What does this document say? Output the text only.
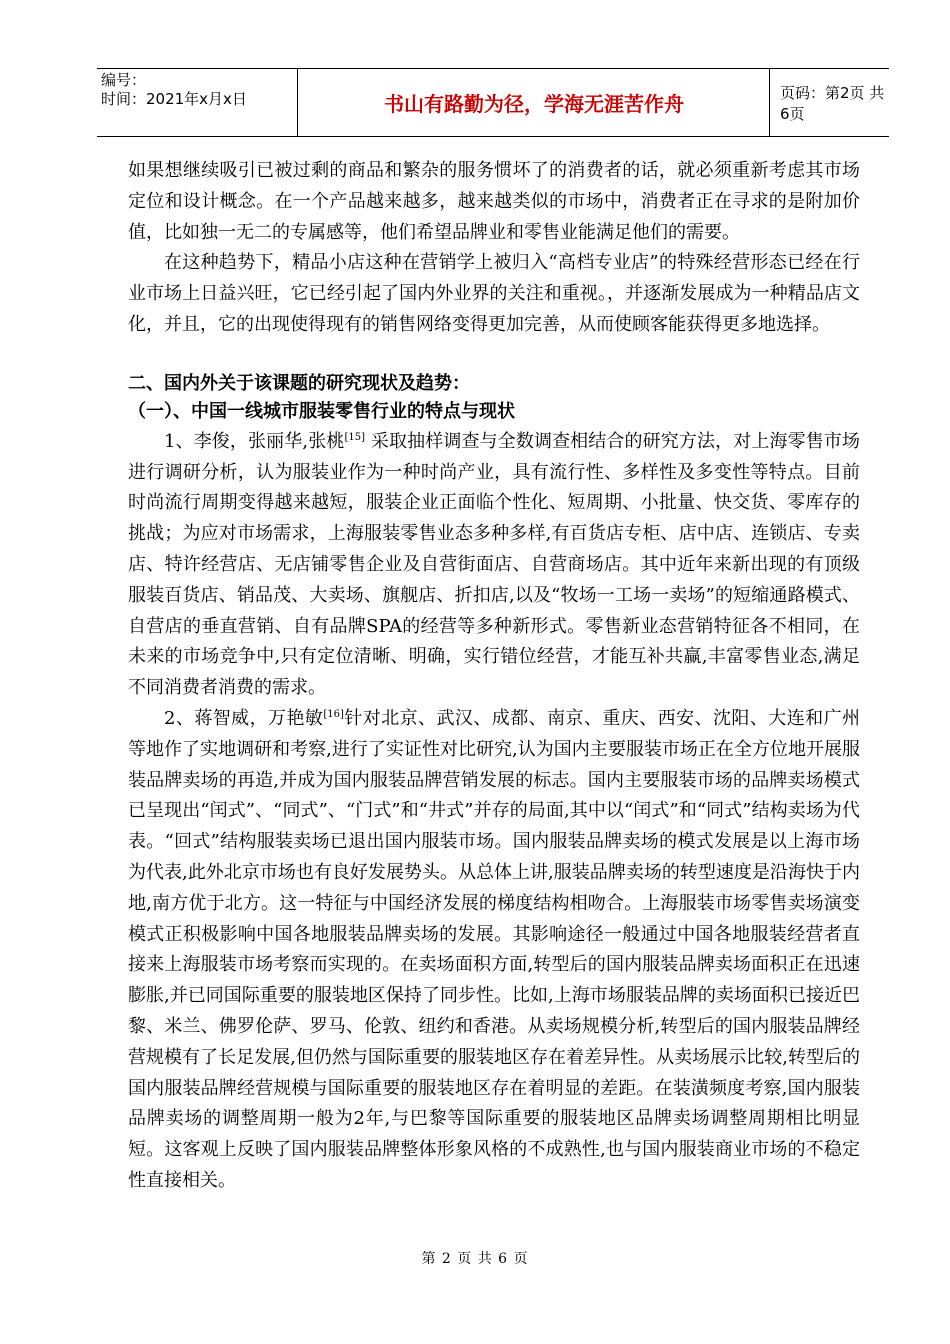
编号：
时间：2021年x月x日	书山有路勤为径，学海无涯苦作舟	页码：第2页 共6页

如果想继续吸引已被过剩的商品和繁杂的服务惯坏了的消费者的话，就必须重新考虑其市场定位和设计概念。在一个产品越来越多，越来越类似的市场中，消费者正在寻求的是附加价值，比如独一无二的专属感等，他们希望品牌业和零售业能满足他们的需要。

在这种趋势下，精品小店这种在营销学上被归入“高档专业店”的特殊经营形态已经在行业市场上日益兴旺，它已经引起了国内外业界的关注和重视。，并逐渐发展成为一种精品店文化，并且，它的出现使得现有的销售网络变得更加完善，从而使顾客能获得更多地选择。

二、国内外关于该课题的研究现状及趋势：
（一）、中国一线城市服装零售行业的特点与现状

1、李俊，张丽华,张桃[15] 采取抽样调查与全数调查相结合的研究方法，对上海零售市场进行调研分析，认为服装业作为一种时尚产业，具有流行性、多样性及多变性等特点。目前时尚流行周期变得越来越短，服装企业正面临个性化、短周期、小批量、快交货、零库存的挑战；为应对市场需求，上海服装零售业态多种多样,有百货店专柜、店中店、连锁店、专卖店、特许经营店、无店铺零售企业及自营街面店、自营商场店。其中近年来新出现的有顶级服装百货店、销品茂、大卖场、旗舰店、折扣店,以及“牧场一工场一卖场”的短缩通路模式、自营店的垂直营销、自有品牌SPA的经营等多种新形式。零售新业态营销特征各不相同，在未来的市场竞争中,只有定位清晰、明确，实行错位经营，才能互补共赢,丰富零售业态,满足不同消费者消费的需求。

2、蒋智威，万艳敏[16]针对北京、武汉、成都、南京、重庆、西安、沈阳、大连和广州等地作了实地调研和考察,进行了实证性对比研究,认为国内主要服装市场正在全方位地开展服装品牌卖场的再造,并成为国内服装品牌营销发展的标志。国内主要服装市场的品牌卖场模式已呈现出“闰式”、“同式”、“门式”和“井式”并存的局面,其中以“闰式”和“同式”结构卖场为代表。“回式”结构服装卖场已退出国内服装市场。国内服装品牌卖场的模式发展是以上海市场为代表,此外北京市场也有良好发展势头。从总体上讲,服装品牌卖场的转型速度是沿海快于内地,南方优于北方。这一特征与中国经济发展的梯度结构相吻合。上海服装市场零售卖场演变模式正积极影响中国各地服装品牌卖场的发展。其影响途径一般通过中国各地服装经营者直接来上海服装市场考察而实现的。在卖场面积方面,转型后的国内服装品牌卖场面积正在迅速膨胀,并已同国际重要的服装地区保持了同步性。比如,上海市场服装品牌的卖场面积已接近巴黎、米兰、佛罗伦萨、罗马、伦敦、纽约和香港。从卖场规模分析,转型后的国内服装品牌经营规模有了长足发展,但仍然与国际重要的服装地区存在着差异性。从卖场展示比较,转型后的国内服装品牌经营规模与国际重要的服装地区存在着明显的差距。在装潢频度考察,国内服装品牌卖场的调整周期一般为2年,与巴黎等国际重要的服装地区品牌卖场调整周期相比明显短。这客观上反映了国内服装品牌整体形象风格的不成熟性,也与国内服装商业市场的不稳定性直接相关。

第 2 页 共 6 页
